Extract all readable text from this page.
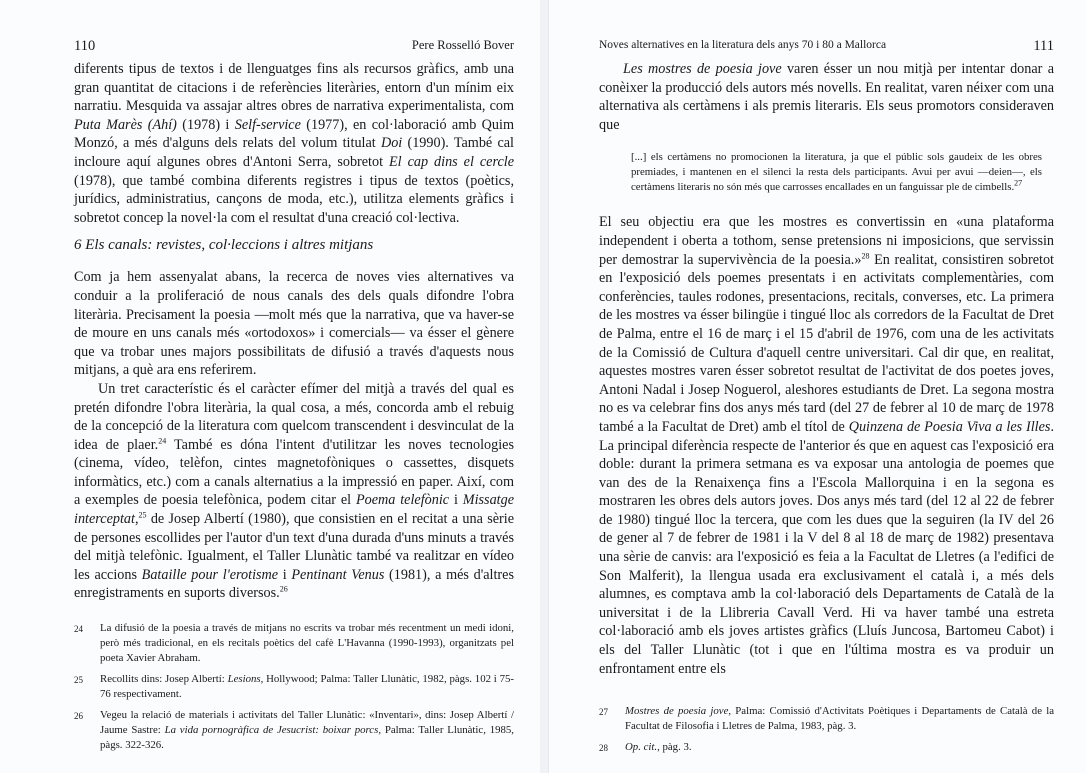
110	Pere Rosselló Bover

diferents tipus de textos i de llenguatges fins als recursos gràfics, amb una gran quantitat de citacions i de referències literàries, entorn d'un mínim eix narratiu. Mesquida va assajar altres obres de narrativa experimentalista, com Puta Marès (Ahí) (1978) i Self-service (1977), en col·laboració amb Quim Monzó, a més d'alguns dels relats del volum titulat Doi (1990). També cal incloure aquí algunes obres d'Antoni Serra, sobretot El cap dins el cercle (1978), que també combina diferents registres i tipus de textos (poètics, jurídics, administratius, cançons de moda, etc.), utilitza elements gràfics i sobretot concep la novel·la com el resultat d'una creació col·lectiva.

6 Els canals: revistes, col·leccions i altres mitjans

Com ja hem assenyalat abans, la recerca de noves vies alternatives va conduir a la proliferació de nous canals des dels quals difondre l'obra literària. Precisament la poesia —molt més que la narrativa, que va haver-se de moure en uns canals més «ortodoxos» i comercials— va ésser el gènere que va trobar unes majors possibilitats de difusió a través d'aquests nous mitjans, a què ara ens referirem.

Un tret característic és el caràcter efímer del mitjà a través del qual es pretén difondre l'obra literària, la qual cosa, a més, concorda amb el rebuig de la concepció de la literatura com quelcom transcendent i desvinculat de la idea de plaer.$^{24}$ També es dóna l'intent d'utilitzar les noves tecnologies (cinema, vídeo, telèfon, cintes magnetofòniques o cassettes, disquets informàtics, etc.) com a canals alternatius a la impressió en paper. Així, com a exemples de poesia telefònica, podem citar el Poema telefònic i Missatge interceptat,$^{25}$ de Josep Albertí (1980), que consistien en el recitat a una sèrie de persones escollides per l'autor d'un text d'una durada d'uns minuts a través del mitjà telefònic. Igualment, el Taller Llunàtic també va realitzar en vídeo les accions Bataille pour l'erotisme i Pentinant Venus (1981), a més d'altres enregistraments en suports diversos.$^{26}$

24	La difusió de la poesia a través de mitjans no escrits va trobar més recentment un medi idoni, però més tradicional, en els recitals poètics del cafè L'Havanna (1990-1993), organitzats pel poeta Xavier Abraham.
25	Recollits dins: Josep Albertí: Lesions, Hollywood; Palma: Taller Llunàtic, 1982, pàgs. 102 i 75-76 respectivament.
26	Vegeu la relació de materials i activitats del Taller Llunàtic: «Inventari», dins: Josep Albertí / Jaume Sastre: La vida pornogràfica de Jesucrist: boixar porcs, Palma: Taller Llunàtic, 1985, pàgs. 322-326.
Noves alternatives en la literatura dels anys 70 i 80 a Mallorca	111

Les mostres de poesia jove varen ésser un nou mitjà per intentar donar a conèixer la producció dels autors més novells. En realitat, varen néixer com una alternativa als certàmens i als premis literaris. Els seus promotors consideraven que

[...] els certàmens no promocionen la literatura, ja que el públic sols gaudeix de les obres premiades, i mantenen en el silenci la resta dels participants. Avui per avui —deien—, els certàmens literaris no són més que carrosses encallades en un fanguissar ple de cimbells.$^{27}$

El seu objectiu era que les mostres es convertissin en «una plataforma independent i oberta a tothom, sense pretensions ni imposicions, que servissin per demostrar la supervivència de la poesia.»$^{28}$ En realitat, consistiren sobretot en l'exposició dels poemes presentats i en activitats complementàries, com conferències, taules rodones, presentacions, recitals, converses, etc. La primera de les mostres va ésser bilingüe i tingué lloc als corredors de la Facultat de Dret de Palma, entre el 16 de març i el 15 d'abril de 1976, com una de les activitats de la Comissió de Cultura d'aquell centre universitari. Cal dir que, en realitat, aquestes mostres varen ésser sobretot resultat de l'activitat de dos poetes joves, Antoni Nadal i Josep Noguerol, aleshores estudiants de Dret. La segona mostra no es va celebrar fins dos anys més tard (del 27 de febrer al 10 de març de 1978 també a la Facultat de Dret) amb el títol de Quinzena de Poesia Viva a les Illes. La principal diferència respecte de l'anterior és que en aquest cas l'exposició era doble: durant la primera setmana es va exposar una antologia de poemes que van des de la Renaixença fins a l'Escola Mallorquina i en la segona es mostraren les obres dels autors joves. Dos anys més tard (del 12 al 22 de febrer de 1980) tingué lloc la tercera, que com les dues que la seguiren (la IV del 26 de gener al 7 de febrer de 1981 i la V del 8 al 18 de març de 1982) presentava una sèrie de canvis: ara l'exposició es feia a la Facultat de Lletres (a l'edifici de Son Malferit), la llengua usada era exclusivament el català i, a més dels alumnes, es comptava amb la col·laboració dels Departaments de Català de la universitat i de la Llibreria Cavall Verd. Hi va haver també una estreta col·laboració amb els joves artistes gràfics (Lluís Juncosa, Bartomeu Cabot) i els del Taller Llunàtic (tot i que en l'última mostra es va produir un enfrontament entre els

27	Mostres de poesia jove, Palma: Comissió d'Activitats Poètiques i Departaments de Català de la Facultat de Filosofia i Lletres de Palma, 1983, pàg. 3.
28	Op. cit., pàg. 3.
